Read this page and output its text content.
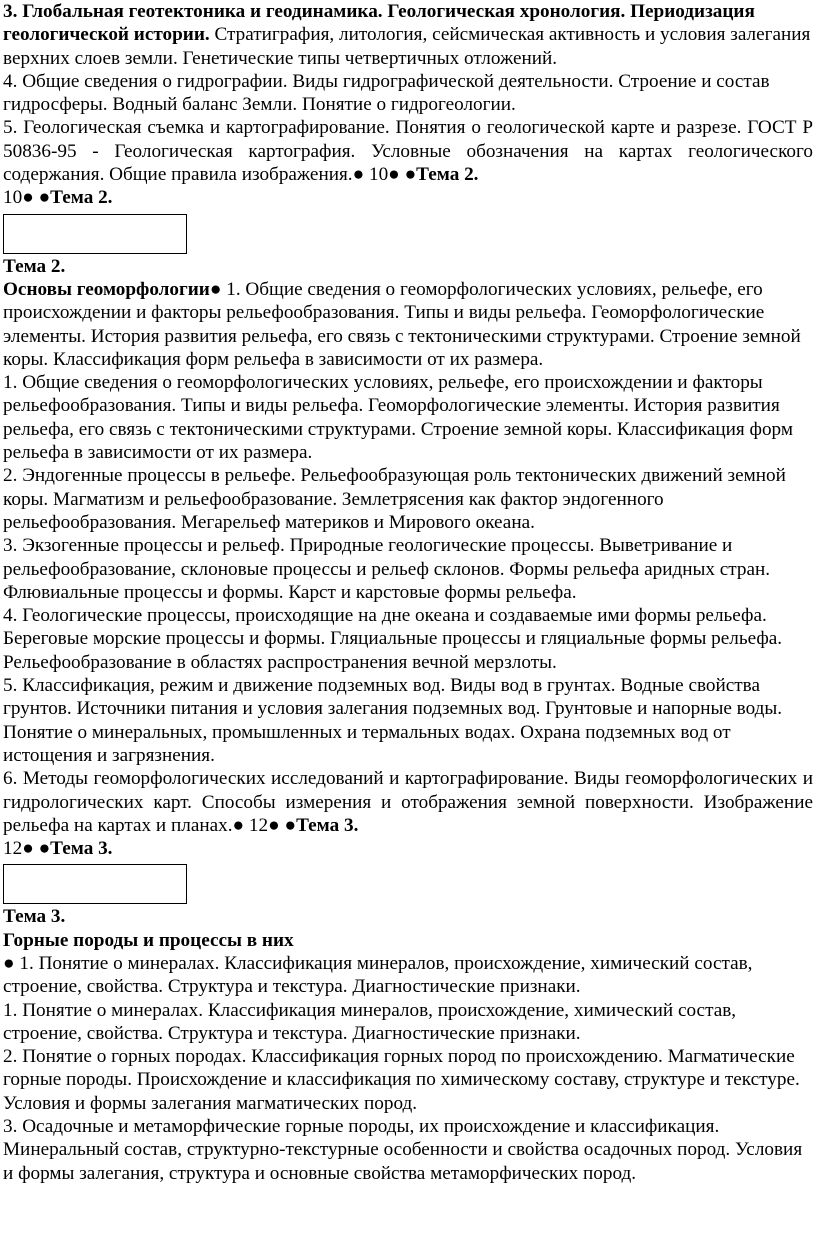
3. Глобальная геотектоника и геодинамика. Геологическая хронология. Периодизация геологической истории. Стратиграфия, литология, сейсмическая активность и условия залегания верхних слоев земли. Генетические типы четвертичных отложений.

4. Общие сведения о гидрографии. Виды гидрографической деятельности. Строение и состав гидросферы. Водный баланс Земли. Понятие о гидрогеологии.

5. Геологическая съемка и картографирование. Понятия о геологической карте и разрезе. ГОСТ Р 50836-95 - Геологическая картография. Условные обозначения на картах геологического содержания. Общие правила изображения.● 10● ●Тема 2.

10● ●Тема 2.

Тема 2.

Основы геоморфологии● 1. Общие сведения о геоморфологических условиях, рельефе, его происхождении и факторы рельефообразования. Типы и виды рельефа. Геоморфологические элементы. История развития рельефа, его связь с тектоническими структурами. Строение земной коры. Классификация форм рельефа в зависимости от их размера.

1. Общие сведения о геоморфологических условиях, рельефе, его происхождении и факторы рельефообразования. Типы и виды рельефа. Геоморфологические элементы. История развития рельефа, его связь с тектоническими структурами. Строение земной коры. Классификация форм рельефа в зависимости от их размера.

2. Эндогенные процессы в рельефе. Рельефообразующая роль тектонических движений земной коры. Магматизм и рельефообразование. Землетрясения как фактор эндогенного рельефообразования. Мегарельеф материков и Мирового океана.

3. Экзогенные процессы и рельеф. Природные геологические процессы. Выветривание и рельефообразование, склоновые процессы и рельеф склонов. Формы рельефа аридных стран. Флювиальные процессы и формы. Карст и карстовые формы рельефа.

4. Геологические процессы, происходящие на дне океана и создаваемые ими формы рельефа. Береговые морские процессы и формы. Гляциальные процессы и гляциальные формы рельефа. Рельефообразование в областях распространения вечной мерзлоты.

5. Классификация, режим и движение подземных вод. Виды вод в грунтах. Водные свойства грунтов. Источники питания и условия залегания подземных вод. Грунтовые и напорные воды. Понятие о минеральных, промышленных и термальных водах. Охрана подземных вод от истощения и загрязнения.

6. Методы геоморфологических исследований и картографирование. Виды геоморфологических и гидрологических карт. Способы измерения и отображения земной поверхности. Изображение рельефа на картах и планах.● 12● ●Тема 3.

12● ●Тема 3.

Тема 3.

Горные породы и процессы в них

● 1. Понятие о минералах. Классификация минералов, происхождение, химический состав, строение, свойства. Структура и текстура. Диагностические признаки.

1. Понятие о минералах. Классификация минералов, происхождение, химический состав, строение, свойства. Структура и текстура. Диагностические признаки.

2. Понятие о горных породах. Классификация горных пород по происхождению. Магматические горные породы. Происхождение и классификация по химическому составу, структуре и текстуре. Условия и формы залегания магматических пород.

3. Осадочные и метаморфические горные породы, их происхождение и классификация. Минеральный состав, структурно-текстурные особенности и свойства осадочных пород. Условия и формы залегания, структура и основные свойства метаморфических пород.
